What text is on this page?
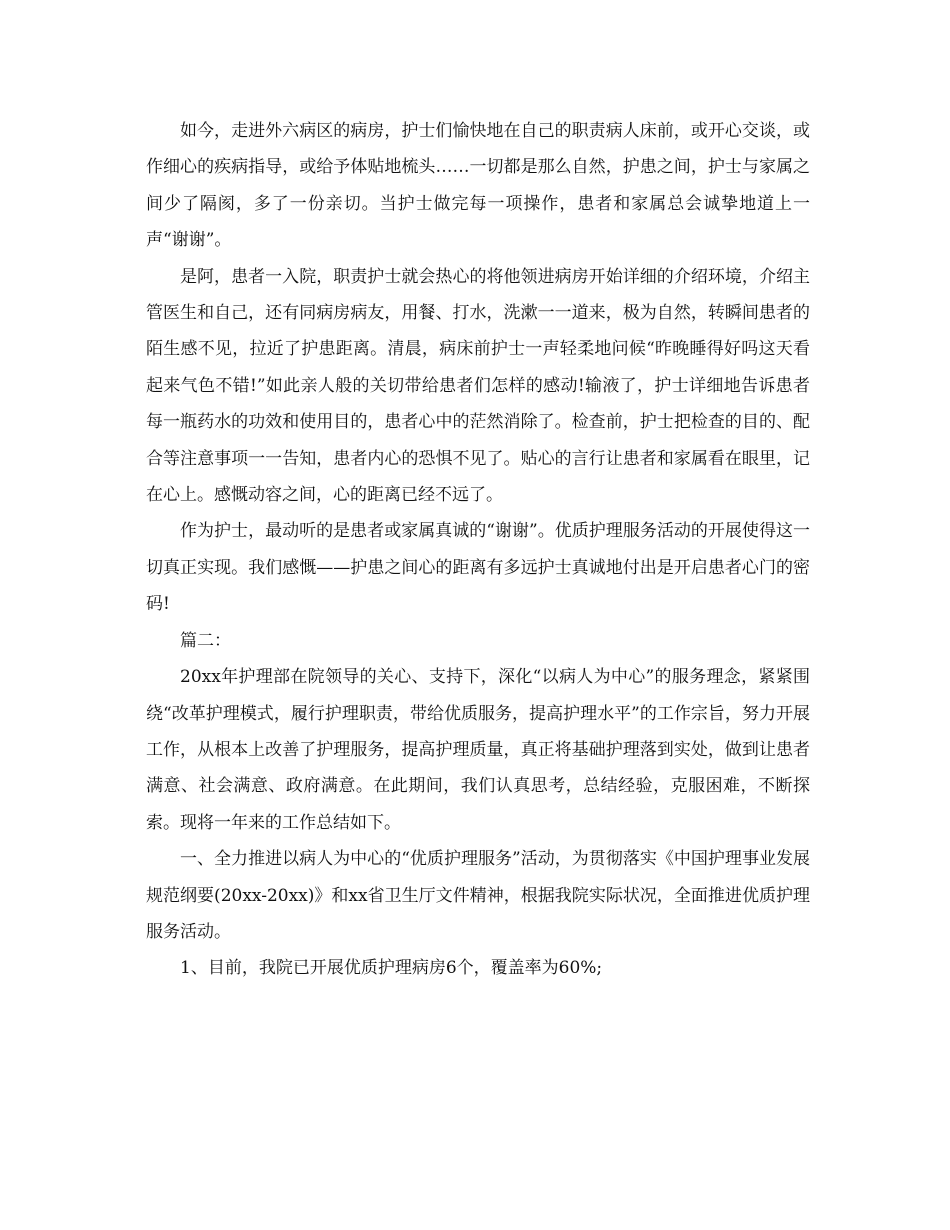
如今，走进外六病区的病房，护士们愉快地在自己的职责病人床前，或开心交谈，或作细心的疾病指导，或给予体贴地梳头……一切都是那么自然，护患之间，护士与家属之间少了隔阂，多了一份亲切。当护士做完每一项操作，患者和家属总会诚挚地道上一声“谢谢”。

是阿，患者一入院，职责护士就会热心的将他领进病房开始详细的介绍环境，介绍主管医生和自己，还有同病房病友，用餐、打水，洗漱一一道来，极为自然，转瞬间患者的陌生感不见，拉近了护患距离。清晨，病床前护士一声轻柔地问候“昨晚睡得好吗这天看起来气色不错!”如此亲人般的关切带给患者们怎样的感动!输液了，护士详细地告诉患者每一瓶药水的功效和使用目的，患者心中的茫然消除了。检查前，护士把检查的目的、配合等注意事项一一告知，患者内心的恐惧不见了。贴心的言行让患者和家属看在眼里，记在心上。感慨动容之间，心的距离已经不远了。

作为护士，最动听的是患者或家属真诚的“谢谢”。优质护理服务活动的开展使得这一切真正实现。我们感慨——护患之间心的距离有多远护士真诚地付出是开启患者心门的密码!

篇二：

20xx年护理部在院领导的关心、支持下，深化“以病人为中心”的服务理念，紧紧围绕“改革护理模式，履行护理职责，带给优质服务，提高护理水平”的工作宗旨，努力开展工作，从根本上改善了护理服务，提高护理质量，真正将基础护理落到实处，做到让患者满意、社会满意、政府满意。在此期间，我们认真思考，总结经验，克服困难，不断探索。现将一年来的工作总结如下。

一、全力推进以病人为中心的“优质护理服务”活动，为贯彻落实《中国护理事业发展规范纲要(20xx-20xx)》和xx省卫生厅文件精神，根据我院实际状况，全面推进优质护理服务活动。

1、目前，我院已开展优质护理病房6个，覆盖率为60%;
